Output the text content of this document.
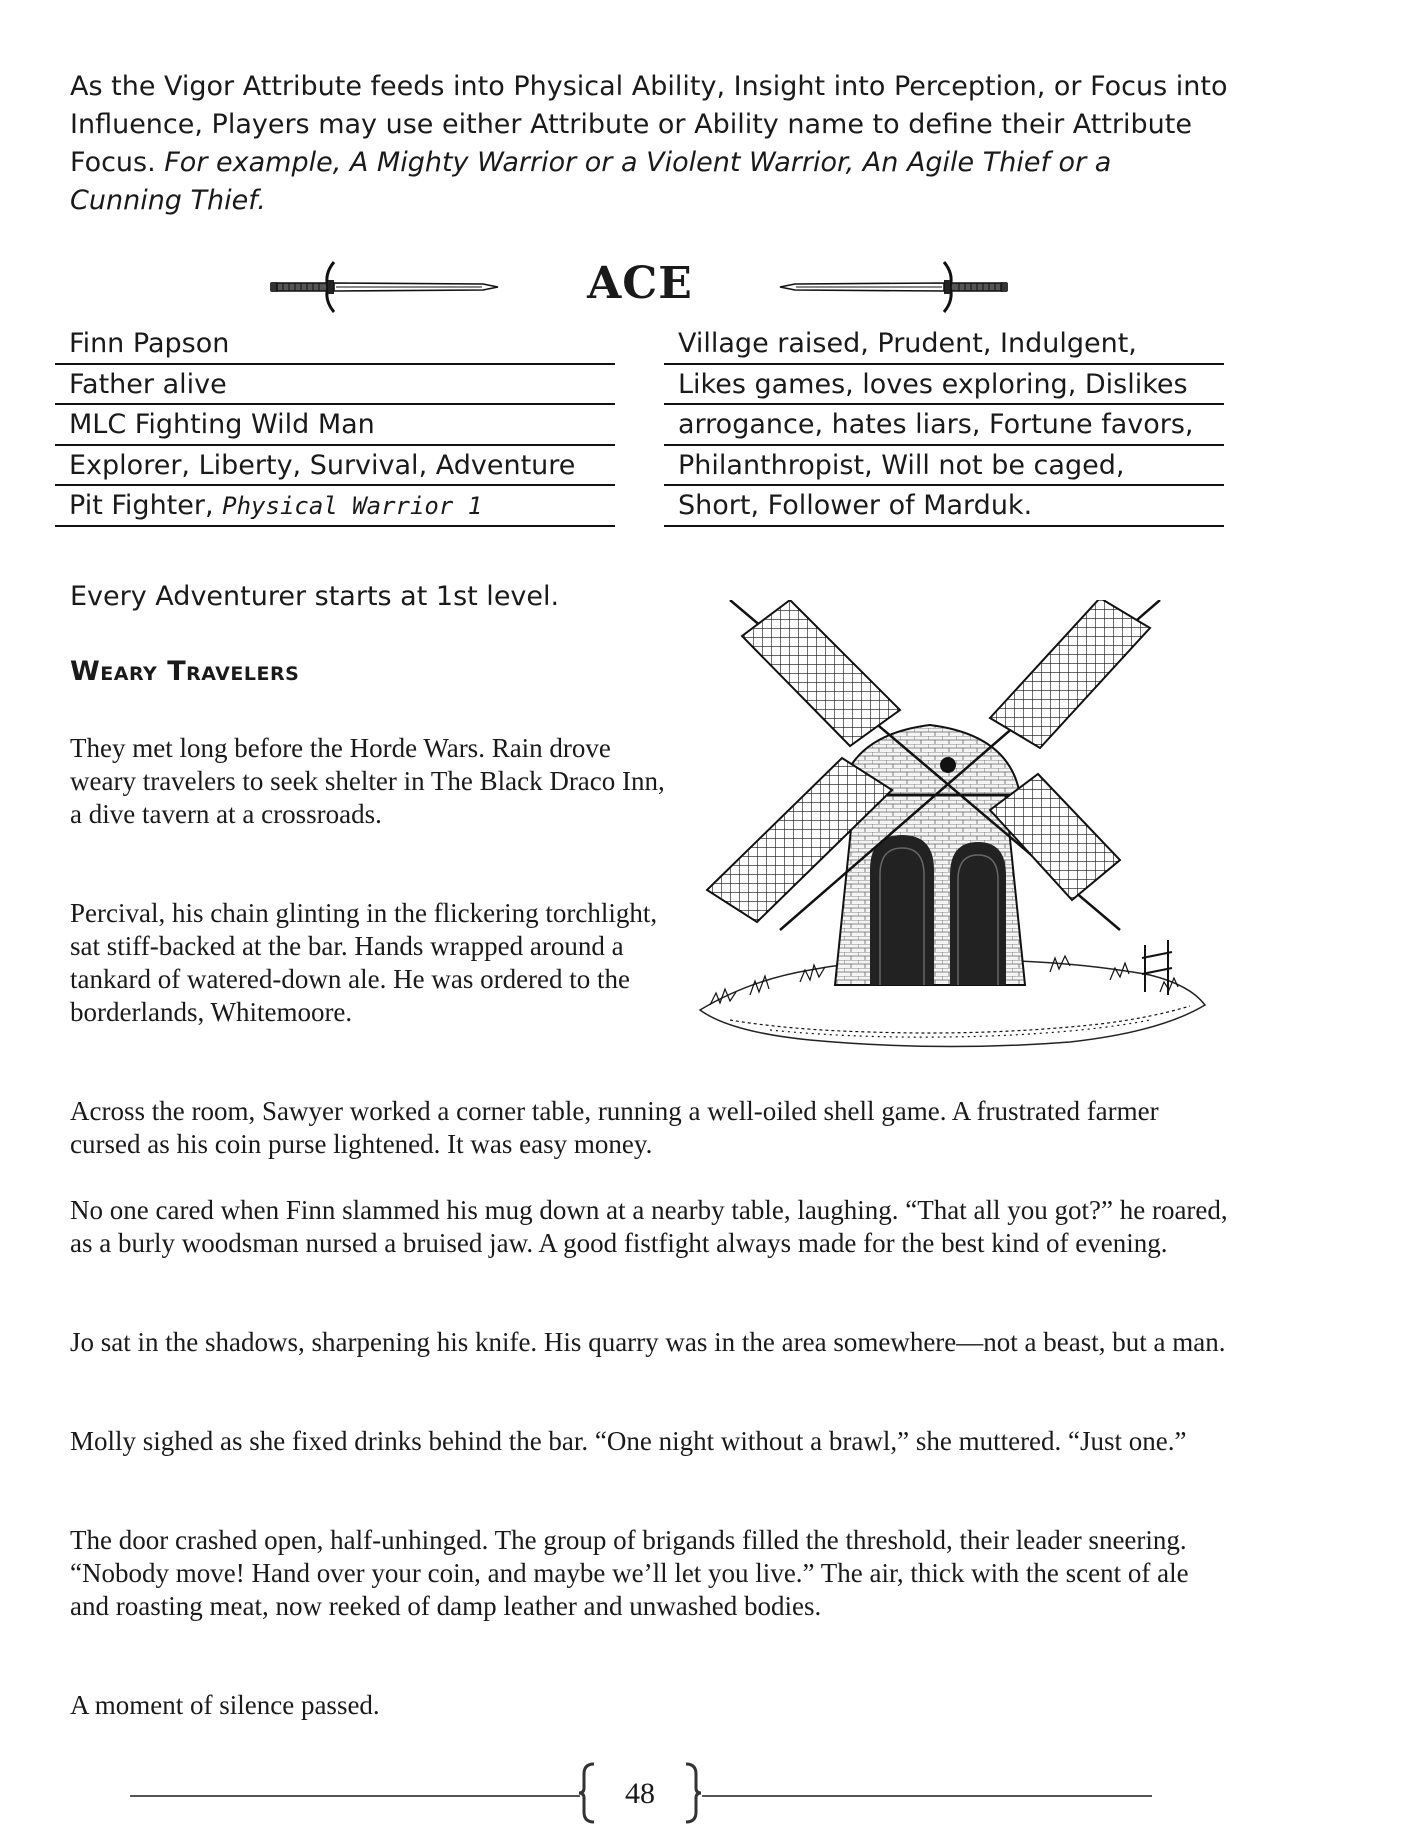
As the Vigor Attribute feeds into Physical Ability, Insight into Perception, or Focus into Influence, Players may use either Attribute or Ability name to define their Attribute Focus. For example, A Mighty Warrior or a Violent Warrior, An Agile Thief or a Cunning Thief.

ACE
Finn Papson
Father alive
MLC Fighting Wild Man
Explorer, Liberty, Survival, Adventure
Pit Fighter, Physical Warrior 1
Village raised, Prudent, Indulgent,
Likes games, loves exploring, Dislikes
arrogance, hates liars, Fortune favors,
Philanthropist, Will not be caged,
Short, Follower of Marduk.

Every Adventurer starts at 1st level.

Weary Travelers

They met long before the Horde Wars. Rain drove weary travelers to seek shelter in The Black Draco Inn, a dive tavern at a crossroads.

Percival, his chain glinting in the flickering torchlight, sat stiff-backed at the bar. Hands wrapped around a tankard of watered-down ale. He was ordered to the borderlands, Whitemoore.

Across the room, Sawyer worked a corner table, running a well-oiled shell game. A frustrated farmer cursed as his coin purse lightened. It was easy money.

No one cared when Finn slammed his mug down at a nearby table, laughing. “That all you got?” he roared, as a burly woodsman nursed a bruised jaw. A good fistfight always made for the best kind of evening.

Jo sat in the shadows, sharpening his knife. His quarry was in the area somewhere—not a beast, but a man.

Molly sighed as she fixed drinks behind the bar. “One night without a brawl,” she muttered. “Just one.”

The door crashed open, half-unhinged. The group of brigands filled the threshold, their leader sneering. “Nobody move! Hand over your coin, and maybe we’ll let you live.” The air, thick with the scent of ale and roasting meat, now reeked of damp leather and unwashed bodies.

A moment of silence passed.

48
